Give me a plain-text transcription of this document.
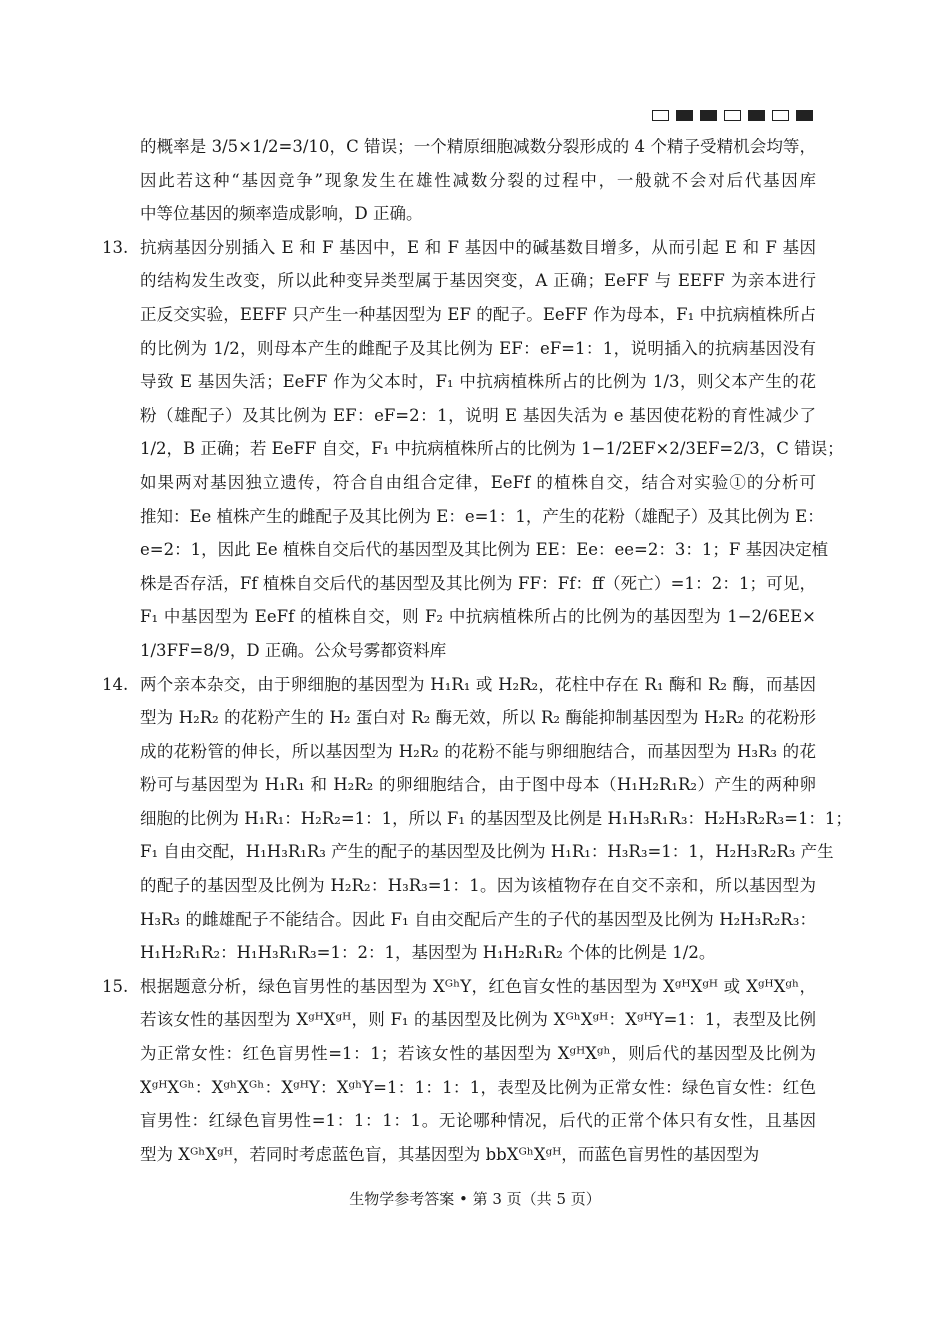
的概率是 3/5×1/2=3/10，C 错误；一个精原细胞减数分裂形成的 4 个精子受精机会均等，
因此若这种“基因竞争”现象发生在雄性减数分裂的过程中，一般就不会对后代基因库
中等位基因的频率造成影响，D 正确。
13. 抗病基因分别插入 E 和 F 基因中，E 和 F 基因中的碱基数目增多，从而引起 E 和 F 基因
的结构发生改变，所以此种变异类型属于基因突变，A 正确；EeFF 与 EEFF 为亲本进行
正反交实验，EEFF 只产生一种基因型为 EF 的配子。EeFF 作为母本，F₁ 中抗病植株所占
的比例为 1/2，则母本产生的雌配子及其比例为 EF：eF=1：1，说明插入的抗病基因没有
导致 E 基因失活；EeFF 作为父本时，F₁ 中抗病植株所占的比例为 1/3，则父本产生的花
粉（雄配子）及其比例为 EF：eF=2：1，说明 E 基因失活为 e 基因使花粉的育性减少了
1/2，B 正确；若 EeFF 自交，F₁ 中抗病植株所占的比例为 1−1/2EF×2/3EF=2/3，C 错误；
如果两对基因独立遗传，符合自由组合定律，EeFf 的植株自交，结合对实验①的分析可
推知：Ee 植株产生的雌配子及其比例为 E：e=1：1，产生的花粉（雄配子）及其比例为 E：
e=2：1，因此 Ee 植株自交后代的基因型及其比例为 EE：Ee：ee=2：3：1；F 基因决定植
株是否存活，Ff 植株自交后代的基因型及其比例为 FF：Ff：ff（死亡）=1：2：1；可见，
F₁ 中基因型为 EeFf 的植株自交，则 F₂ 中抗病植株所占的比例为的基因型为 1−2/6EE×
1/3FF=8/9，D 正确。公众号雾都资料库
14. 两个亲本杂交，由于卵细胞的基因型为 H₁R₁ 或 H₂R₂，花柱中存在 R₁ 酶和 R₂ 酶，而基因
型为 H₂R₂ 的花粉产生的 H₂ 蛋白对 R₂ 酶无效，所以 R₂ 酶能抑制基因型为 H₂R₂ 的花粉形
成的花粉管的伸长，所以基因型为 H₂R₂ 的花粉不能与卵细胞结合，而基因型为 H₃R₃ 的花
粉可与基因型为 H₁R₁ 和 H₂R₂ 的卵细胞结合，由于图中母本（H₁H₂R₁R₂）产生的两种卵
细胞的比例为 H₁R₁：H₂R₂=1：1，所以 F₁ 的基因型及比例是 H₁H₃R₁R₃：H₂H₃R₂R₃=1：1；
F₁ 自由交配，H₁H₃R₁R₃ 产生的配子的基因型及比例为 H₁R₁：H₃R₃=1：1，H₂H₃R₂R₃ 产生
的配子的基因型及比例为 H₂R₂：H₃R₃=1：1。因为该植物存在自交不亲和，所以基因型为
H₃R₃ 的雌雄配子不能结合。因此 F₁ 自由交配后产生的子代的基因型及比例为 H₂H₃R₂R₃：
H₁H₂R₁R₂：H₁H₃R₁R₃=1：2：1，基因型为 H₁H₂R₁R₂ 个体的比例是 1/2。
15. 根据题意分析，绿色盲男性的基因型为 XᴳʰY，红色盲女性的基因型为 XᵍᴴXᵍᴴ 或 XᵍᴴXᵍʰ，
若该女性的基因型为 XᵍᴴXᵍᴴ，则 F₁ 的基因型及比例为 XᴳʰXᵍᴴ：XᵍᴴY=1：1，表型及比例
为正常女性：红色盲男性=1：1；若该女性的基因型为 XᵍᴴXᵍʰ，则后代的基因型及比例为
XᵍᴴXᴳʰ：XᵍʰXᴳʰ：XᵍᴴY：XᵍʰY=1：1：1：1，表型及比例为正常女性：绿色盲女性：红色
盲男性：红绿色盲男性=1：1：1：1。无论哪种情况，后代的正常个体只有女性，且基因
型为 XᴳʰXᵍᴴ，若同时考虑蓝色盲，其基因型为 bbXᴳʰXᵍᴴ，而蓝色盲男性的基因型为
生物学参考答案 • 第 3 页（共 5 页）
